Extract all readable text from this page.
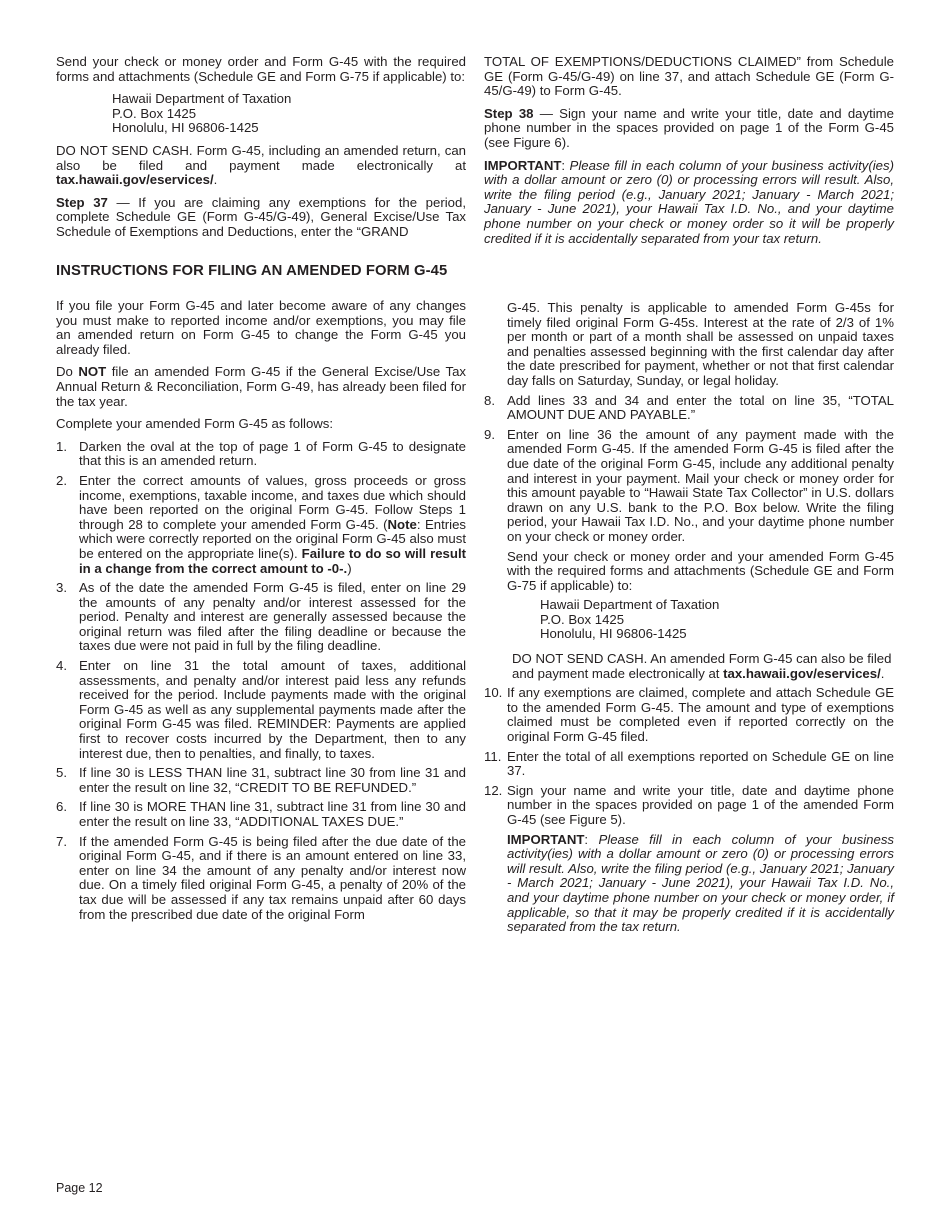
Send your check or money order and Form G-45 with the required forms and attachments (Schedule GE and Form G-75 if applicable) to:

Hawaii Department of Taxation
P.O. Box 1425
Honolulu, HI 96806-1425

DO NOT SEND CASH. Form G-45, including an amended return, can also be filed and payment made electronically at tax.hawaii.gov/eservices/.

Step 37 — If you are claiming any exemptions for the period, complete Schedule GE (Form G-45/G-49), General Excise/Use Tax Schedule of Exemptions and Deductions, enter the “GRAND

TOTAL OF EXEMPTIONS/DEDUCTIONS CLAIMED” from Schedule GE (Form G-45/G-49) on line 37, and attach Schedule GE (Form G-45/G-49) to Form G-45.

Step 38 — Sign your name and write your title, date and daytime phone number in the spaces provided on page 1 of the Form G-45 (see Figure 6).

IMPORTANT: Please fill in each column of your business activity(ies) with a dollar amount or zero (0) or processing errors will result. Also, write the filing period (e.g., January 2021; January - March 2021; January - June 2021), your Hawaii Tax I.D. No., and your daytime phone number on your check or money order so it will be properly credited if it is accidentally separated from your tax return.

INSTRUCTIONS FOR FILING AN AMENDED FORM G-45

If you file your Form G-45 and later become aware of any changes you must make to reported income and/or exemptions, you may file an amended return on Form G-45 to change the Form G-45 you already filed.

Do NOT file an amended Form G-45 if the General Excise/Use Tax Annual Return & Reconciliation, Form G-49, has already been filed for the tax year.

Complete your amended Form G-45 as follows:

1. Darken the oval at the top of page 1 of Form G-45 to designate that this is an amended return.
2. Enter the correct amounts of values, gross proceeds or gross income, exemptions, taxable income, and taxes due which should have been reported on the original Form G-45. Follow Steps 1 through 28 to complete your amended Form G-45. (Note: Entries which were correctly reported on the original Form G-45 also must be entered on the appropriate line(s). Failure to do so will result in a change from the correct amount to -0-.)
3. As of the date the amended Form G-45 is filed, enter on line 29 the amounts of any penalty and/or interest assessed for the period. Penalty and interest are generally assessed because the original return was filed after the filing deadline or because the taxes due were not paid in full by the filing deadline.
4. Enter on line 31 the total amount of taxes, additional assessments, and penalty and/or interest paid less any refunds received for the period. Include payments made with the original Form G-45 as well as any supplemental payments made after the original Form G-45 was filed. REMINDER: Payments are applied first to recover costs incurred by the Department, then to any interest due, then to penalties, and finally, to taxes.
5. If line 30 is LESS THAN line 31, subtract line 30 from line 31 and enter the result on line 32, “CREDIT TO BE REFUNDED.”
6. If line 30 is MORE THAN line 31, subtract line 31 from line 30 and enter the result on line 33, “ADDITIONAL TAXES DUE.”
7. If the amended Form G-45 is being filed after the due date of the original Form G-45, and if there is an amount entered on line 33, enter on line 34 the amount of any penalty and/or interest now due. On a timely filed original Form G-45, a penalty of 20% of the tax due will be assessed if any tax remains unpaid after 60 days from the prescribed due date of the original Form

G-45. This penalty is applicable to amended Form G-45s for timely filed original Form G-45s. Interest at the rate of 2/3 of 1% per month or part of a month shall be assessed on unpaid taxes and penalties assessed beginning with the first calendar day after the date prescribed for payment, whether or not that first calendar day falls on Saturday, Sunday, or legal holiday.

8. Add lines 33 and 34 and enter the total on line 35, “TOTAL AMOUNT DUE AND PAYABLE.”
9. Enter on line 36 the amount of any payment made with the amended Form G-45. If the amended Form G-45 is filed after the due date of the original Form G-45, include any additional penalty and interest in your payment. Mail your check or money order for this amount payable to “Hawaii State Tax Collector” in U.S. dollars drawn on any U.S. bank to the P.O. Box below. Write the filing period, your Hawaii Tax I.D. No., and your daytime phone number on your check or money order.

Send your check or money order and your amended Form G-45 with the required forms and attachments (Schedule GE and Form G-75 if applicable) to:

Hawaii Department of Taxation
P.O. Box 1425
Honolulu, HI 96806-1425

DO NOT SEND CASH. An amended Form G-45 can also be filed and payment made electronically at tax.hawaii.gov/eservices/.

10. If any exemptions are claimed, complete and attach Schedule GE to the amended Form G-45. The amount and type of exemptions claimed must be completed even if reported correctly on the original Form G-45 filed.
11. Enter the total of all exemptions reported on Schedule GE on line 37.
12. Sign your name and write your title, date and daytime phone number in the spaces provided on page 1 of the amended Form G-45 (see Figure 5).

IMPORTANT: Please fill in each column of your business activity(ies) with a dollar amount or zero (0) or processing errors will result. Also, write the filing period (e.g., January 2021; January - March 2021; January - June 2021), your Hawaii Tax I.D. No., and your daytime phone number on your check or money order, if applicable, so that it may be properly credited if it is accidentally separated from the tax return.

Page 12
